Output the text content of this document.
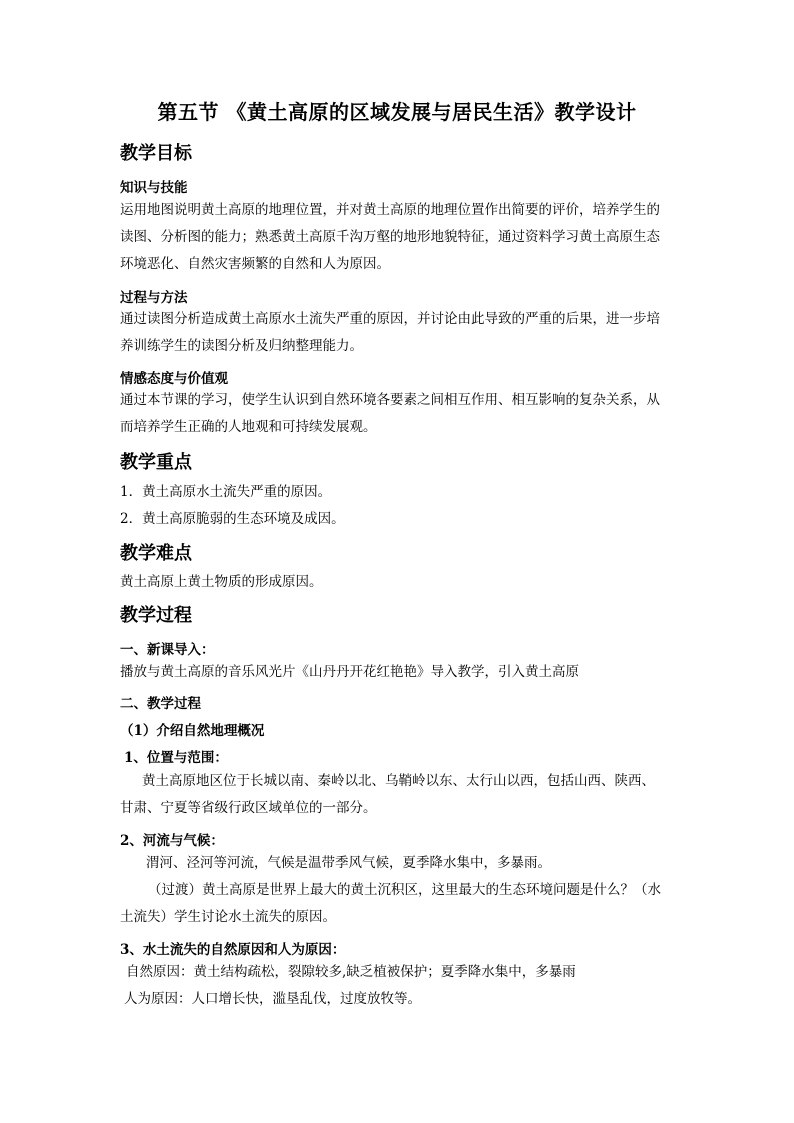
第五节 《黄土高原的区域发展与居民生活》教学设计
教学目标
知识与技能
运用地图说明黄土高原的地理位置，并对黄土高原的地理位置作出简要的评价，培养学生的
读图、分析图的能力；熟悉黄土高原千沟万壑的地形地貌特征，通过资料学习黄土高原生态
环境恶化、自然灾害频繁的自然和人为原因。
过程与方法
通过读图分析造成黄土高原水土流失严重的原因，并讨论由此导致的严重的后果，进一步培
养训练学生的读图分析及归纳整理能力。
情感态度与价值观
通过本节课的学习，使学生认识到自然环境各要素之间相互作用、相互影响的复杂关系，从
而培养学生正确的人地观和可持续发展观。
教学重点
1．黄土高原水土流失严重的原因。
2．黄土高原脆弱的生态环境及成因。
教学难点
黄土高原上黄土物质的形成原因。
教学过程
一、新课导入：
播放与黄土高原的音乐风光片《山丹丹开花红艳艳》导入教学，引入黄土高原
二、教学过程
（1）介绍自然地理概况
1、位置与范围：
黄土高原地区位于长城以南、秦岭以北、乌鞘岭以东、太行山以西，包括山西、陕西、
甘肃、宁夏等省级行政区域单位的一部分。
2、河流与气候：
渭河、泾河等河流，气候是温带季风气候，夏季降水集中，多暴雨。
（过渡）黄土高原是世界上最大的黄土沉积区，这里最大的生态环境问题是什么？（水
土流失）学生讨论水土流失的原因。
3、水土流失的自然原因和人为原因：
自然原因：黄土结构疏松，裂隙较多,缺乏植被保护；夏季降水集中，多暴雨
人为原因：人口增长快，滥垦乱伐，过度放牧等。
